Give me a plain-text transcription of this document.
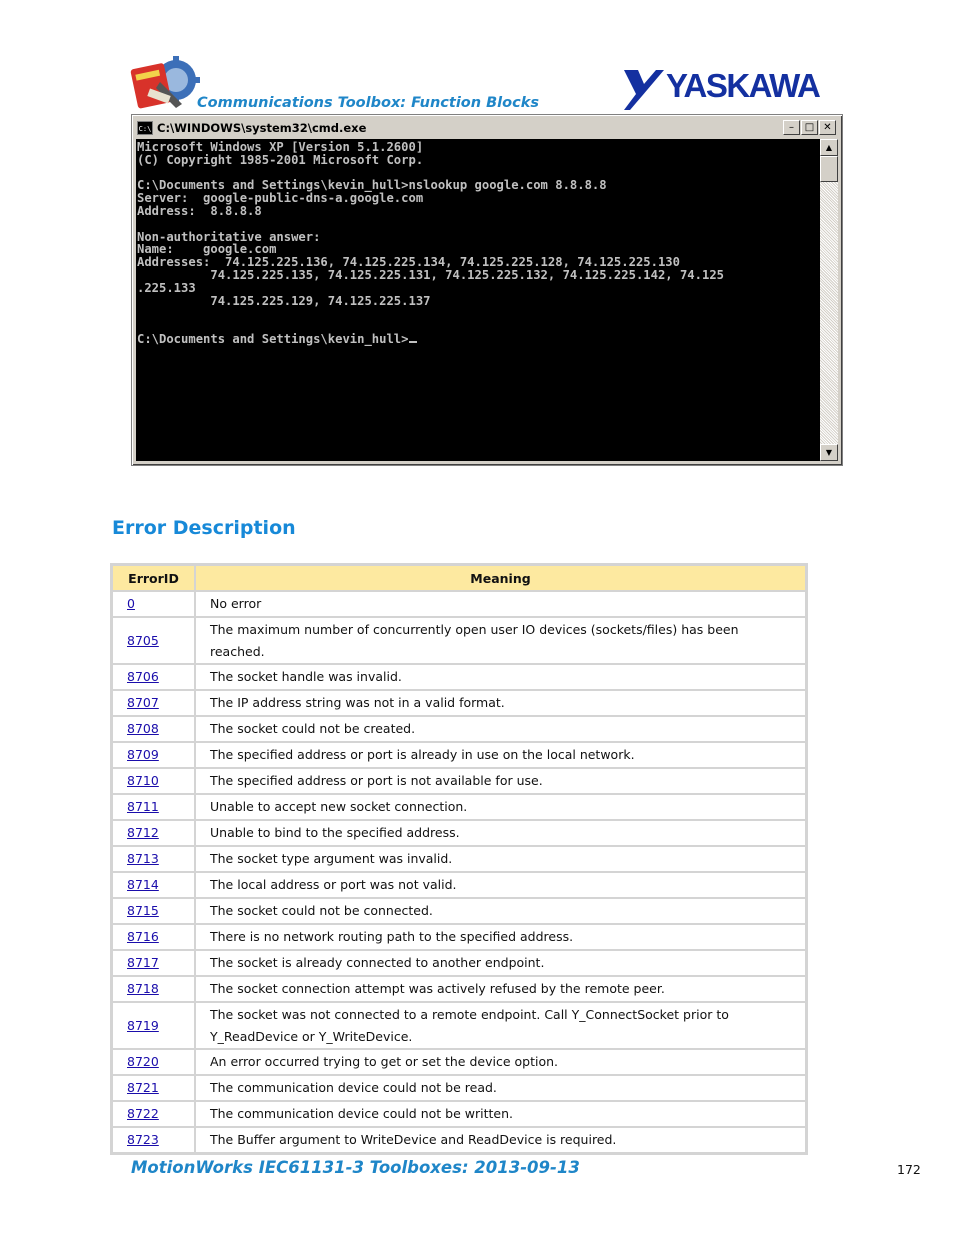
Communications Toolbox: Function Blocks	YASKAWA
C:\ C:\WINDOWS\system32\cmd.exe	–	□ ✕
Microsoft Windows XP [Version 5.1.2600]
(C) Copyright 1985-2001 Microsoft Corp.
C:\Documents and Settings\kevin_hull>nslookup google.com 8.8.8.8
Server:  google-public-dns-a.google.com
Address:  8.8.8.8
Non-authoritative answer:
Name:    google.com
Addresses:  74.125.225.136, 74.125.225.134, 74.125.225.128, 74.125.225.130
74.125.225.135, 74.125.225.131, 74.125.225.132, 74.125.225.142, 74.125
.225.133
74.125.225.129, 74.125.225.137
C:\Documents and Settings\kevin_hull>
▲
▼
Error Description
ErrorID	Meaning
0	No error
8705	The maximum number of concurrently open user IO devices (sockets/files) has been reached.
8706	The socket handle was invalid.
8707	The IP address string was not in a valid format.
8708	The socket could not be created.
8709	The specified address or port is already in use on the local network.
8710	The specified address or port is not available for use.
8711	Unable to accept new socket connection.
8712	Unable to bind to the specified address.
8713	The socket type argument was invalid.
8714	The local address or port was not valid.
8715	The socket could not be connected.
8716	There is no network routing path to the specified address.
8717	The socket is already connected to another endpoint.
8718	The socket connection attempt was actively refused by the remote peer.
8719	The socket was not connected to a remote endpoint. Call Y_ConnectSocket prior to Y_ReadDevice or Y_WriteDevice.
8720	An error occurred trying to get or set the device option.
8721	The communication device could not be read.
8722	The communication device could not be written.
8723	The Buffer argument to WriteDevice and ReadDevice is required.
MotionWorks IEC61131-3 Toolboxes: 2013-09-13	172
